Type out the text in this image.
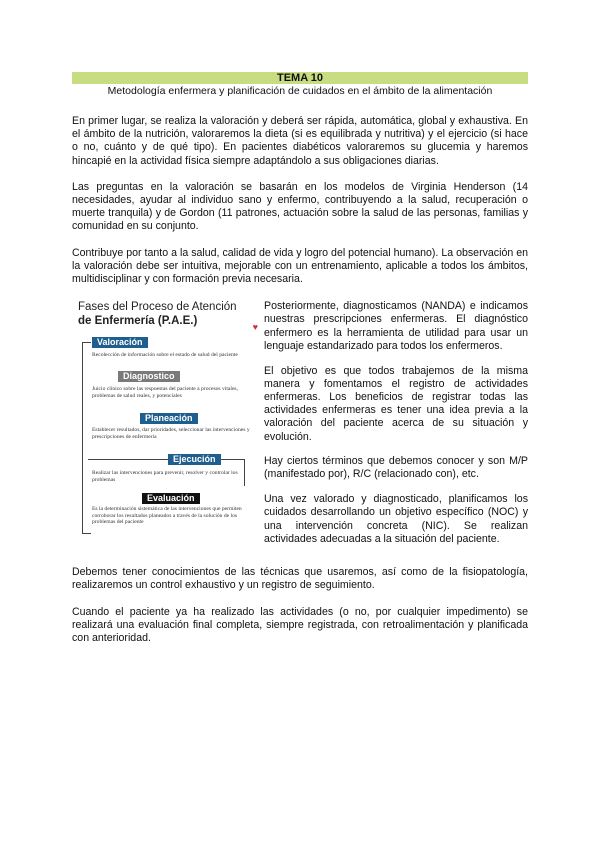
TEMA 10
Metodología enfermera y planificación de cuidados en el ámbito de la alimentación

En primer lugar, se realiza la valoración y deberá ser rápida, automática, global y exhaustiva. En el ámbito de la nutrición, valoraremos la dieta (si es equilibrada y nutritiva) y el ejercicio (si hace o no, cuánto y de qué tipo). En pacientes diabéticos valoraremos su glucemia y haremos hincapié en la actividad física siempre adaptándolo a sus obligaciones diarias.

Las preguntas en la valoración se basarán en los modelos de Virginia Henderson (14 necesidades, ayudar al individuo sano y enfermo, contribuyendo a la salud, recuperación o muerte tranquila) y de Gordon (11 patrones, actuación sobre la salud de las personas, familias y comunidad en su conjunto.

Contribuye por tanto a la salud, calidad de vida y logro del potencial humano). La observación en la valoración debe ser intuitiva, mejorable con un entrenamiento, aplicable a todos los ámbitos, multidisciplinar y con formación previa necesaria.

Fases del Proceso de Atención
de Enfermería (P.A.E.)	♥
Valoración
Recolección de información sobre el estado de salud del paciente
Diagnostico
Juicio clínico sobre las respuestas del paciente a procesos vitales, problemas de salud reales, y potenciales
Planeación
Establecer resultados, dar prioridades, seleccionar las intervenciones y prescripciones de enfermería
Ejecución
Realizar las intervenciones para prevenir, resolver y controlar los problemas
Evaluación
Es la determinación sistemática de las intervenciones que permiten corroborar los resultados planeados a través de la solución de los problemas del paciente

Posteriormente, diagnosticamos (NANDA) e indicamos nuestras prescripciones enfermeras. El diagnóstico enfermero es la herramienta de utilidad para usar un lenguaje estandarizado para todos los enfermeros.

El objetivo es que todos trabajemos de la misma manera y fomentamos el registro de actividades enfermeras. Los beneficios de registrar todas las actividades enfermeras es tener una idea previa a la valoración del paciente acerca de su situación y evolución.

Hay ciertos términos que debemos conocer y son M/P (manifestado por), R/C (relacionado con), etc.

Una vez valorado y diagnosticado, planificamos los cuidados desarrollando un objetivo específico (NOC) y una intervención concreta (NIC). Se realizan actividades adecuadas a la situación del paciente.

Debemos tener conocimientos de las técnicas que usaremos, así como de la fisiopatología, realizaremos un control exhaustivo y un registro de seguimiento.

Cuando el paciente ya ha realizado las actividades (o no, por cualquier impedimento) se realizará una evaluación final completa, siempre registrada, con retroalimentación y planificada con anterioridad.
